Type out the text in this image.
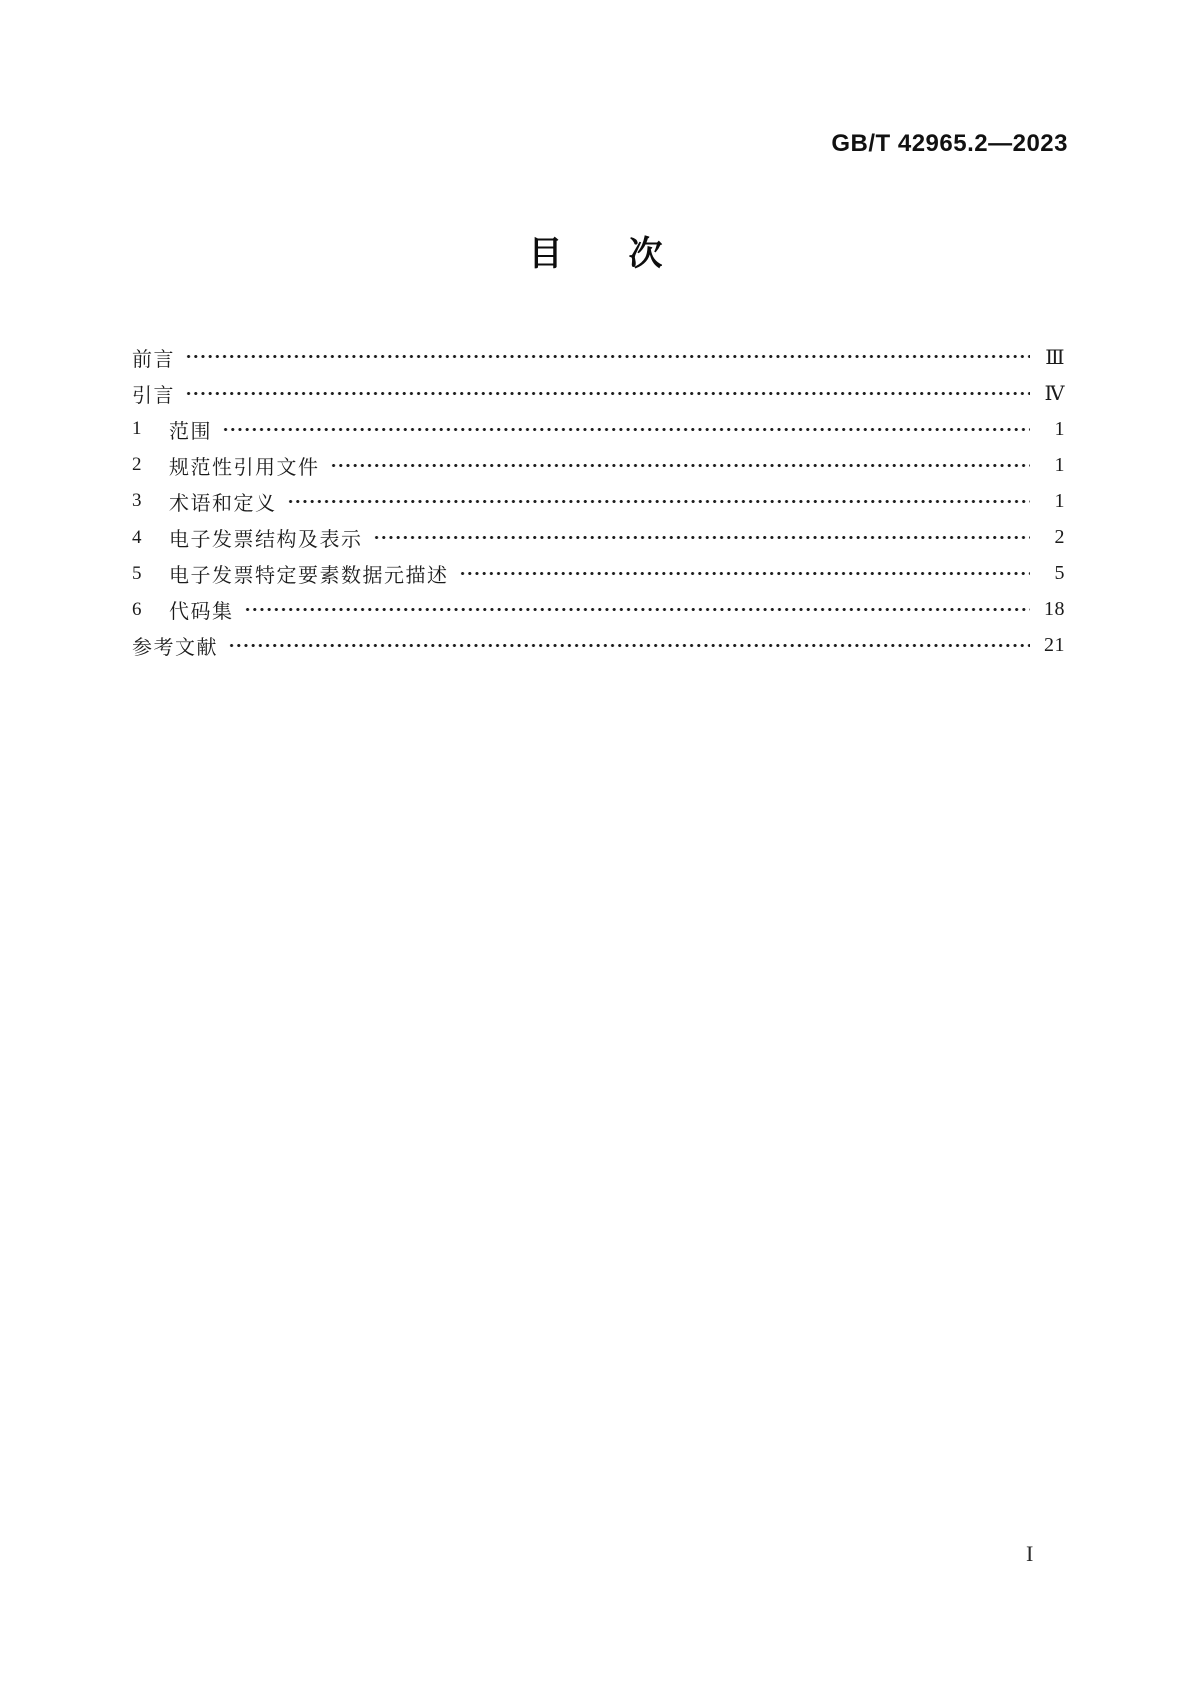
GB/T 42965.2—2023
目 次
前言	Ⅲ
引言	Ⅳ
1	范围	1
2	规范性引用文件	1
3	术语和定义	1
4	电子发票结构及表示	2
5	电子发票特定要素数据元描述	5
6	代码集	18
参考文献	21
I
